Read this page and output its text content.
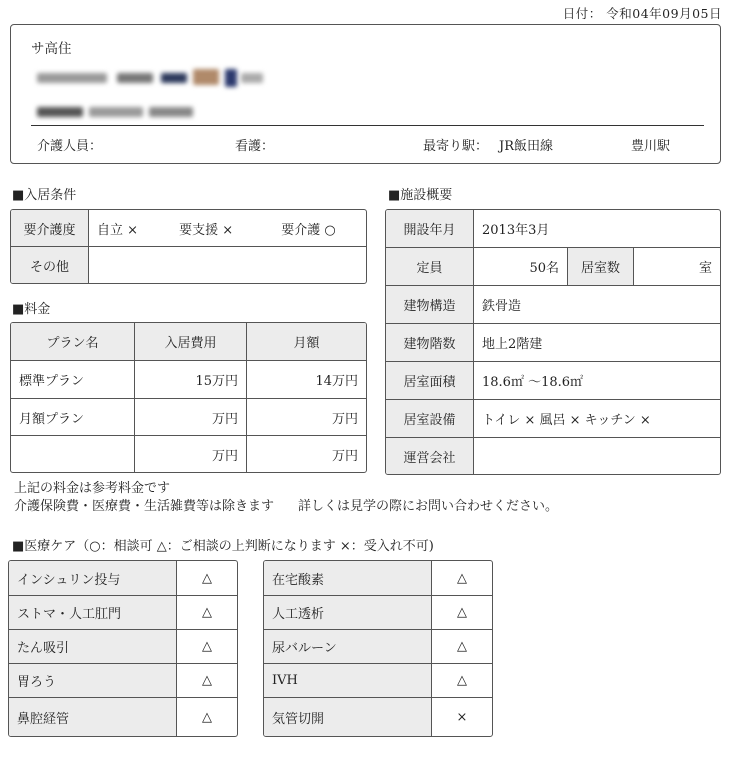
日付： 令和04年09月05日
サ高住
介護人員：	看護：	最寄り駅： JR飯田線	豊川駅
■入居条件
要介護度	自立 × 要支援 × 要介護 ○
その他	
■料金
プラン名	入居費用	月額
標準プラン	15万円	14万円
月額プラン	万円	万円
	万円	万円
■施設概要
開設年月	2013年3月		
定員	50名	居室数	室
建物構造	鉄骨造		
建物階数	地上2階建		
居室面積	18.6㎡ ～18.6㎡		
居室設備	トイレ × 風呂 × キッチン ×		
運営会社			
上記の料金は参考料金です
介護保険費・医療費・生活雑費等は除きます 詳しくは見学の際にお問い合わせください。
■医療ケア（○：相談可 △：ご相談の上判断になります ×：受入れ不可)
インシュリン投与	△
ストマ・人工肛門	△
たん吸引	△
胃ろう	△
鼻腔経管	△
在宅酸素	△
人工透析	△
尿バルーン	△
IVH	△
気管切開	×
